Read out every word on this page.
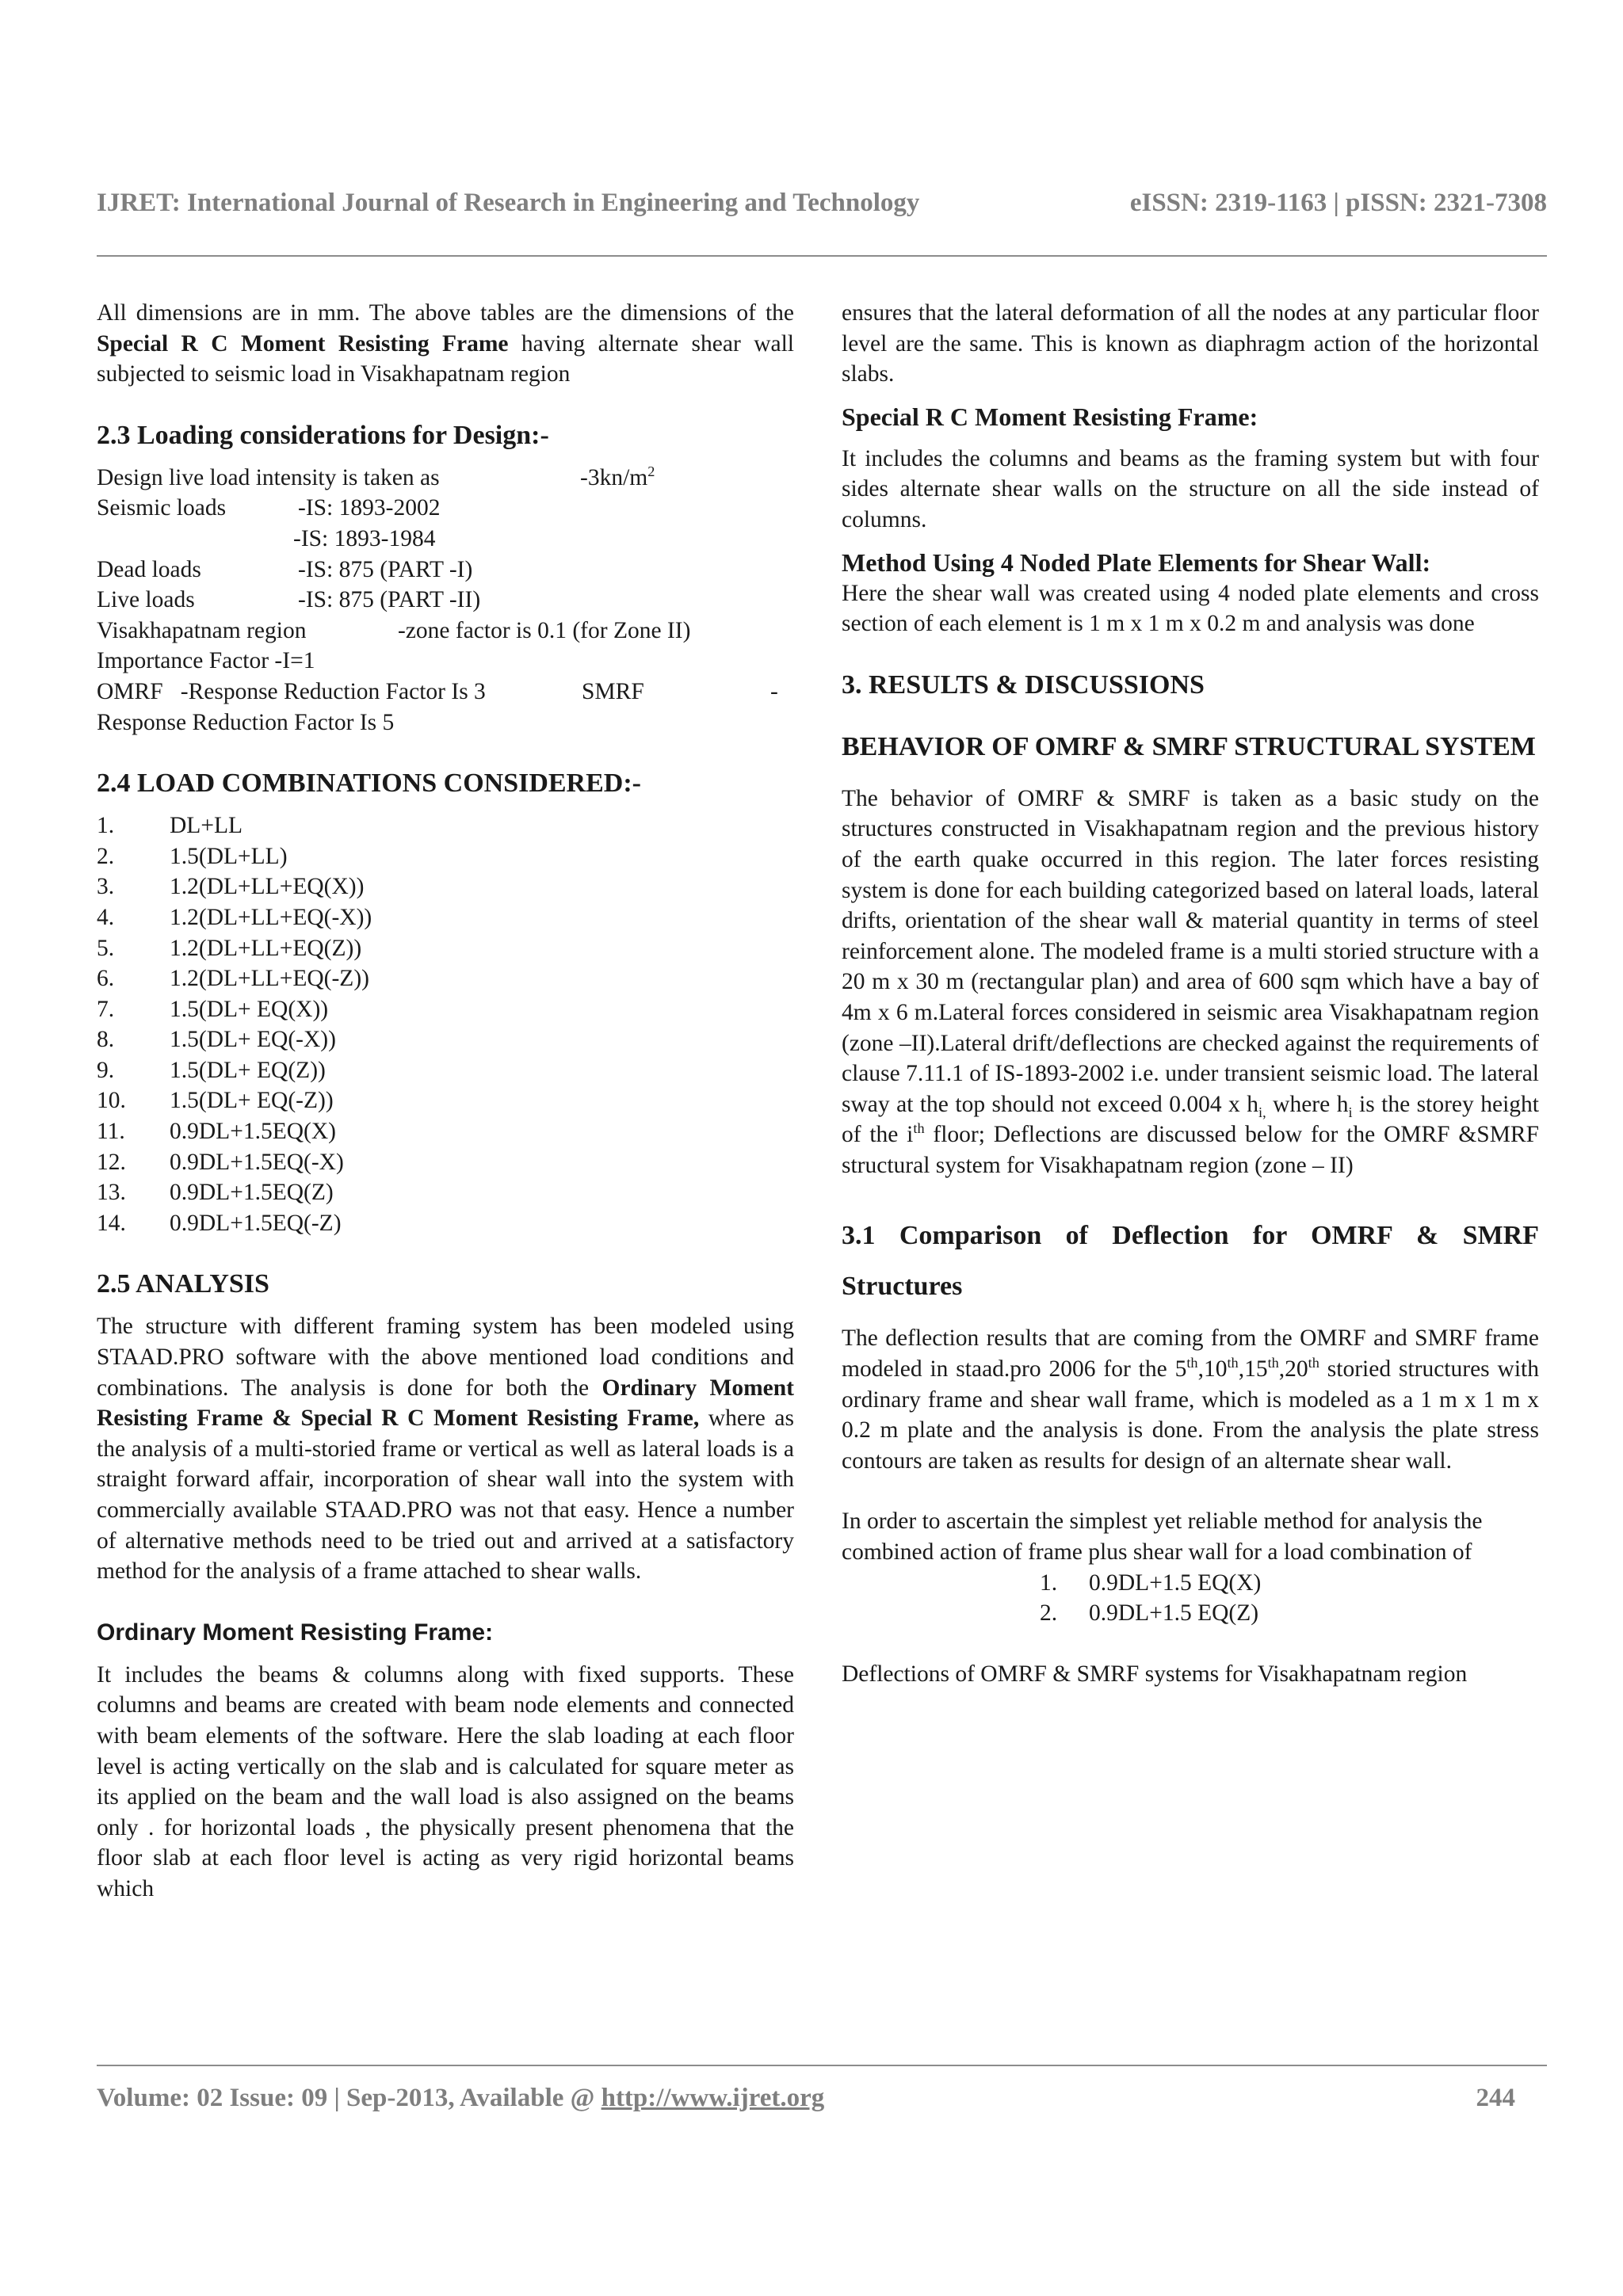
IJRET: International Journal of Research in Engineering and Technology	eISSN: 2319-1163 | pISSN: 2321-7308

All dimensions are in mm. The above tables are the dimensions of the Special R C Moment Resisting Frame having alternate shear wall subjected to seismic load in Visakhapatnam region

2.3 Loading considerations for Design:-
Design live load intensity is taken as	$-3kn/m^2$
Seismic loads	-IS: 1893-2002
-IS: 1893-1984
Dead loads	-IS: 875 (PART -I)
Live loads	-IS: 875 (PART -II)
Visakhapatnam region	-zone factor is 0.1 (for Zone II)

Importance Factor -I=1

OMRF   -Response Reduction Factor Is 3	SMRF	-

Response Reduction Factor Is 5

2.4 LOAD COMBINATIONS CONSIDERED:-
1.	DL+LL
2.	1.5(DL+LL)
3.	1.2(DL+LL+EQ(X))
4.	1.2(DL+LL+EQ(-X))
5.	1.2(DL+LL+EQ(Z))
6.	1.2(DL+LL+EQ(-Z))
7.	1.5(DL+ EQ(X))
8.	1.5(DL+ EQ(-X))
9.	1.5(DL+ EQ(Z))
10.	1.5(DL+ EQ(-Z))
11.	0.9DL+1.5EQ(X)
12.	0.9DL+1.5EQ(-X)
13.	0.9DL+1.5EQ(Z)
14.	0.9DL+1.5EQ(-Z)
2.5 ANALYSIS

The structure with different framing system has been modeled using STAAD.PRO software with the above mentioned load conditions and combinations. The analysis is done for both the Ordinary Moment Resisting Frame & Special R C Moment Resisting Frame, where as the analysis of a multi-storied frame or vertical as well as lateral loads is a straight forward affair, incorporation of shear wall into the system with commercially available STAAD.PRO was not that easy. Hence a number of alternative methods need to be tried out and arrived at a satisfactory method for the analysis of a frame attached to shear walls.

Ordinary Moment Resisting Frame:

It includes the beams & columns along with fixed supports. These columns and beams are created with beam node elements and connected with beam elements of the software. Here the slab loading at each floor level is acting vertically on the slab and is calculated for square meter as its applied on the beam and the wall load is also assigned on the beams only . for horizontal loads , the physically present phenomena that the floor slab at each floor level is acting as very rigid horizontal beams which

ensures that the lateral deformation of all the nodes at any particular floor level are the same. This is known as diaphragm action of the horizontal slabs.

Special R C Moment Resisting Frame:

It includes the columns and beams as the framing system but with four sides alternate shear walls on the structure on all the side instead of columns.

Method Using 4 Noded Plate Elements for Shear Wall:

Here the shear wall was created using 4 noded plate elements and cross section of each element is 1 m x 1 m x 0.2 m and analysis was done

3. RESULTS & DISCUSSIONS
BEHAVIOR OF OMRF & SMRF STRUCTURAL SYSTEM

The behavior of OMRF & SMRF is taken as a basic study on the structures constructed in Visakhapatnam region and the previous history of the earth quake occurred in this region. The later forces resisting system is done for each building categorized based on lateral loads, lateral drifts, orientation of the shear wall & material quantity in terms of steel reinforcement alone. The modeled frame is a multi storied structure with a 20 m x 30 m (rectangular plan) and area of 600 sqm which have a bay of 4m x 6 m.Lateral forces considered in seismic area Visakhapatnam region (zone –II).Lateral drift/deflections are checked against the requirements of clause 7.11.1 of IS-1893-2002 i.e. under transient seismic load. The lateral sway at the top should not exceed 0.004 x $h_{i,}$ where $h_i$ is the storey height of the $i^{th}$ floor; Deflections are discussed below for the OMRF &SMRF structural system for Visakhapatnam region (zone – II)

3.1 Comparison of Deflection for OMRF & SMRF Structures

The deflection results that are coming from the OMRF and SMRF frame modeled in staad.pro 2006 for the 5th,10th,15th,20th storied structures with ordinary frame and shear wall frame, which is modeled as a 1 m x 1 m x 0.2 m plate and the analysis is done. From the analysis the plate stress contours are taken as results for design of an alternate shear wall.

In order to ascertain the simplest yet reliable method for analysis the combined action of frame plus shear wall for a load combination of

1.	0.9DL+1.5 EQ(X)
2.	0.9DL+1.5 EQ(Z)

Deflections of OMRF & SMRF systems for Visakhapatnam region

Volume: 02 Issue: 09 | Sep-2013, Available @ http://www.ijret.org	244
